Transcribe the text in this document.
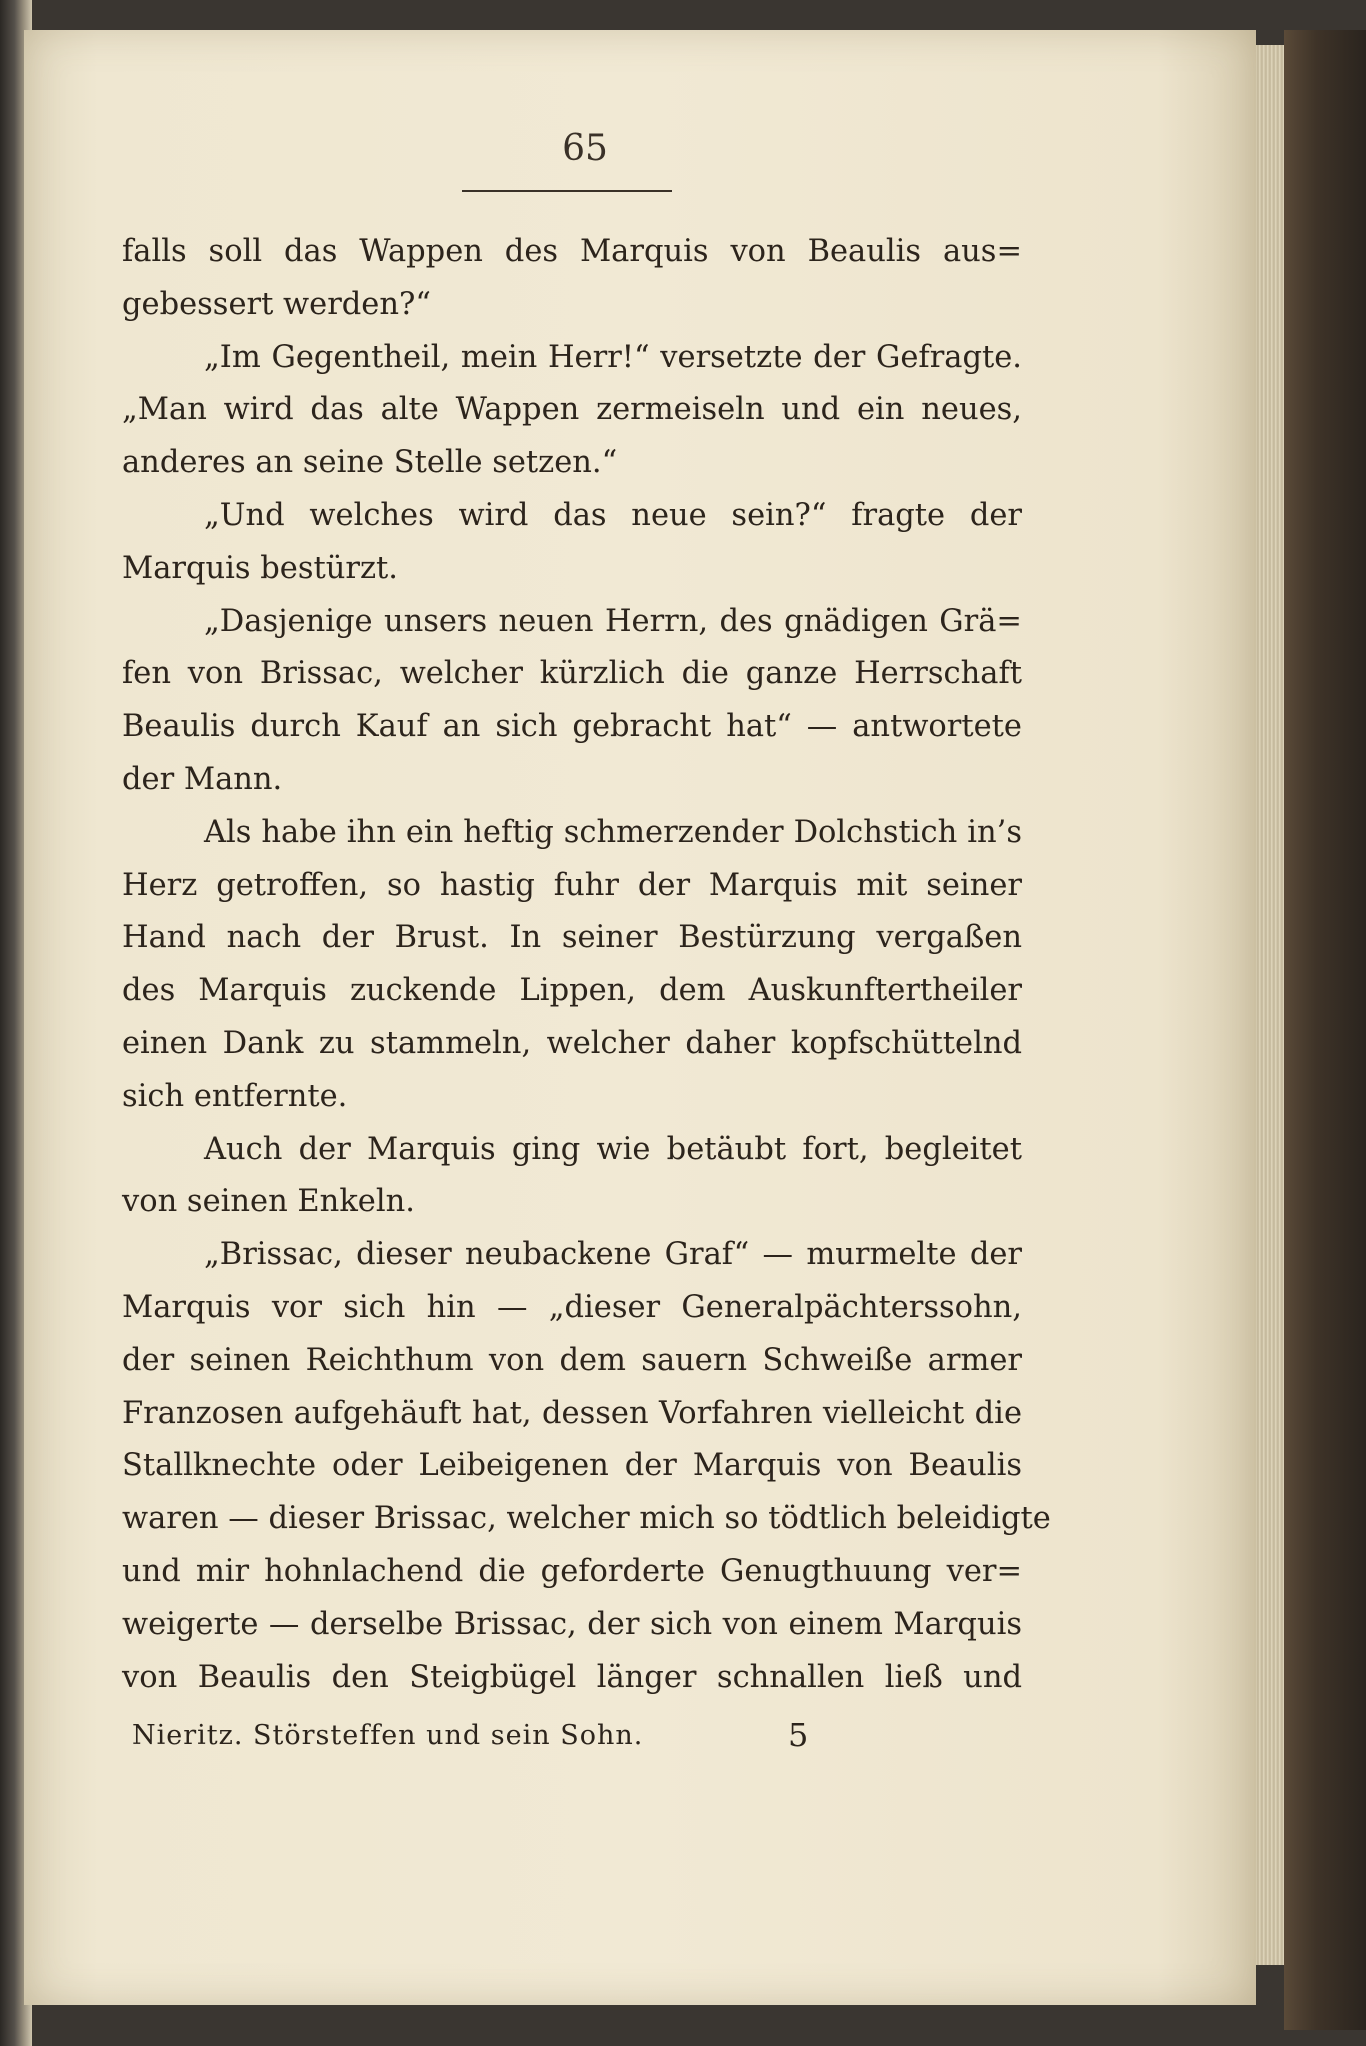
65
falls soll das Wappen des Marquis von Beaulis aus=
gebessert werden?“
„Im Gegentheil, mein Herr!“ versetzte der Gefragte.
„Man wird das alte Wappen zermeiseln und ein neues,
anderes an seine Stelle setzen.“
„Und welches wird das neue sein?“ fragte der
Marquis bestürzt.
„Dasjenige unsers neuen Herrn, des gnädigen Grä=
fen von Brissac, welcher kürzlich die ganze Herrschaft
Beaulis durch Kauf an sich gebracht hat“ — antwortete
der Mann.
Als habe ihn ein heftig schmerzender Dolchstich in’s
Herz getroffen, so hastig fuhr der Marquis mit seiner
Hand nach der Brust. In seiner Bestürzung vergaßen
des Marquis zuckende Lippen, dem Auskunftertheiler
einen Dank zu stammeln, welcher daher kopfschüttelnd
sich entfernte.
Auch der Marquis ging wie betäubt fort, begleitet
von seinen Enkeln.
„Brissac, dieser neubackene Graf“ — murmelte der
Marquis vor sich hin — „dieser Generalpächterssohn,
der seinen Reichthum von dem sauern Schweiße armer
Franzosen aufgehäuft hat, dessen Vorfahren vielleicht die
Stallknechte oder Leibeigenen der Marquis von Beaulis
waren — dieser Brissac, welcher mich so tödtlich beleidigte
und mir hohnlachend die geforderte Genugthuung ver=
weigerte — derselbe Brissac, der sich von einem Marquis
von Beaulis den Steigbügel länger schnallen ließ und
Nieritz. Störsteffen und sein Sohn.	5
